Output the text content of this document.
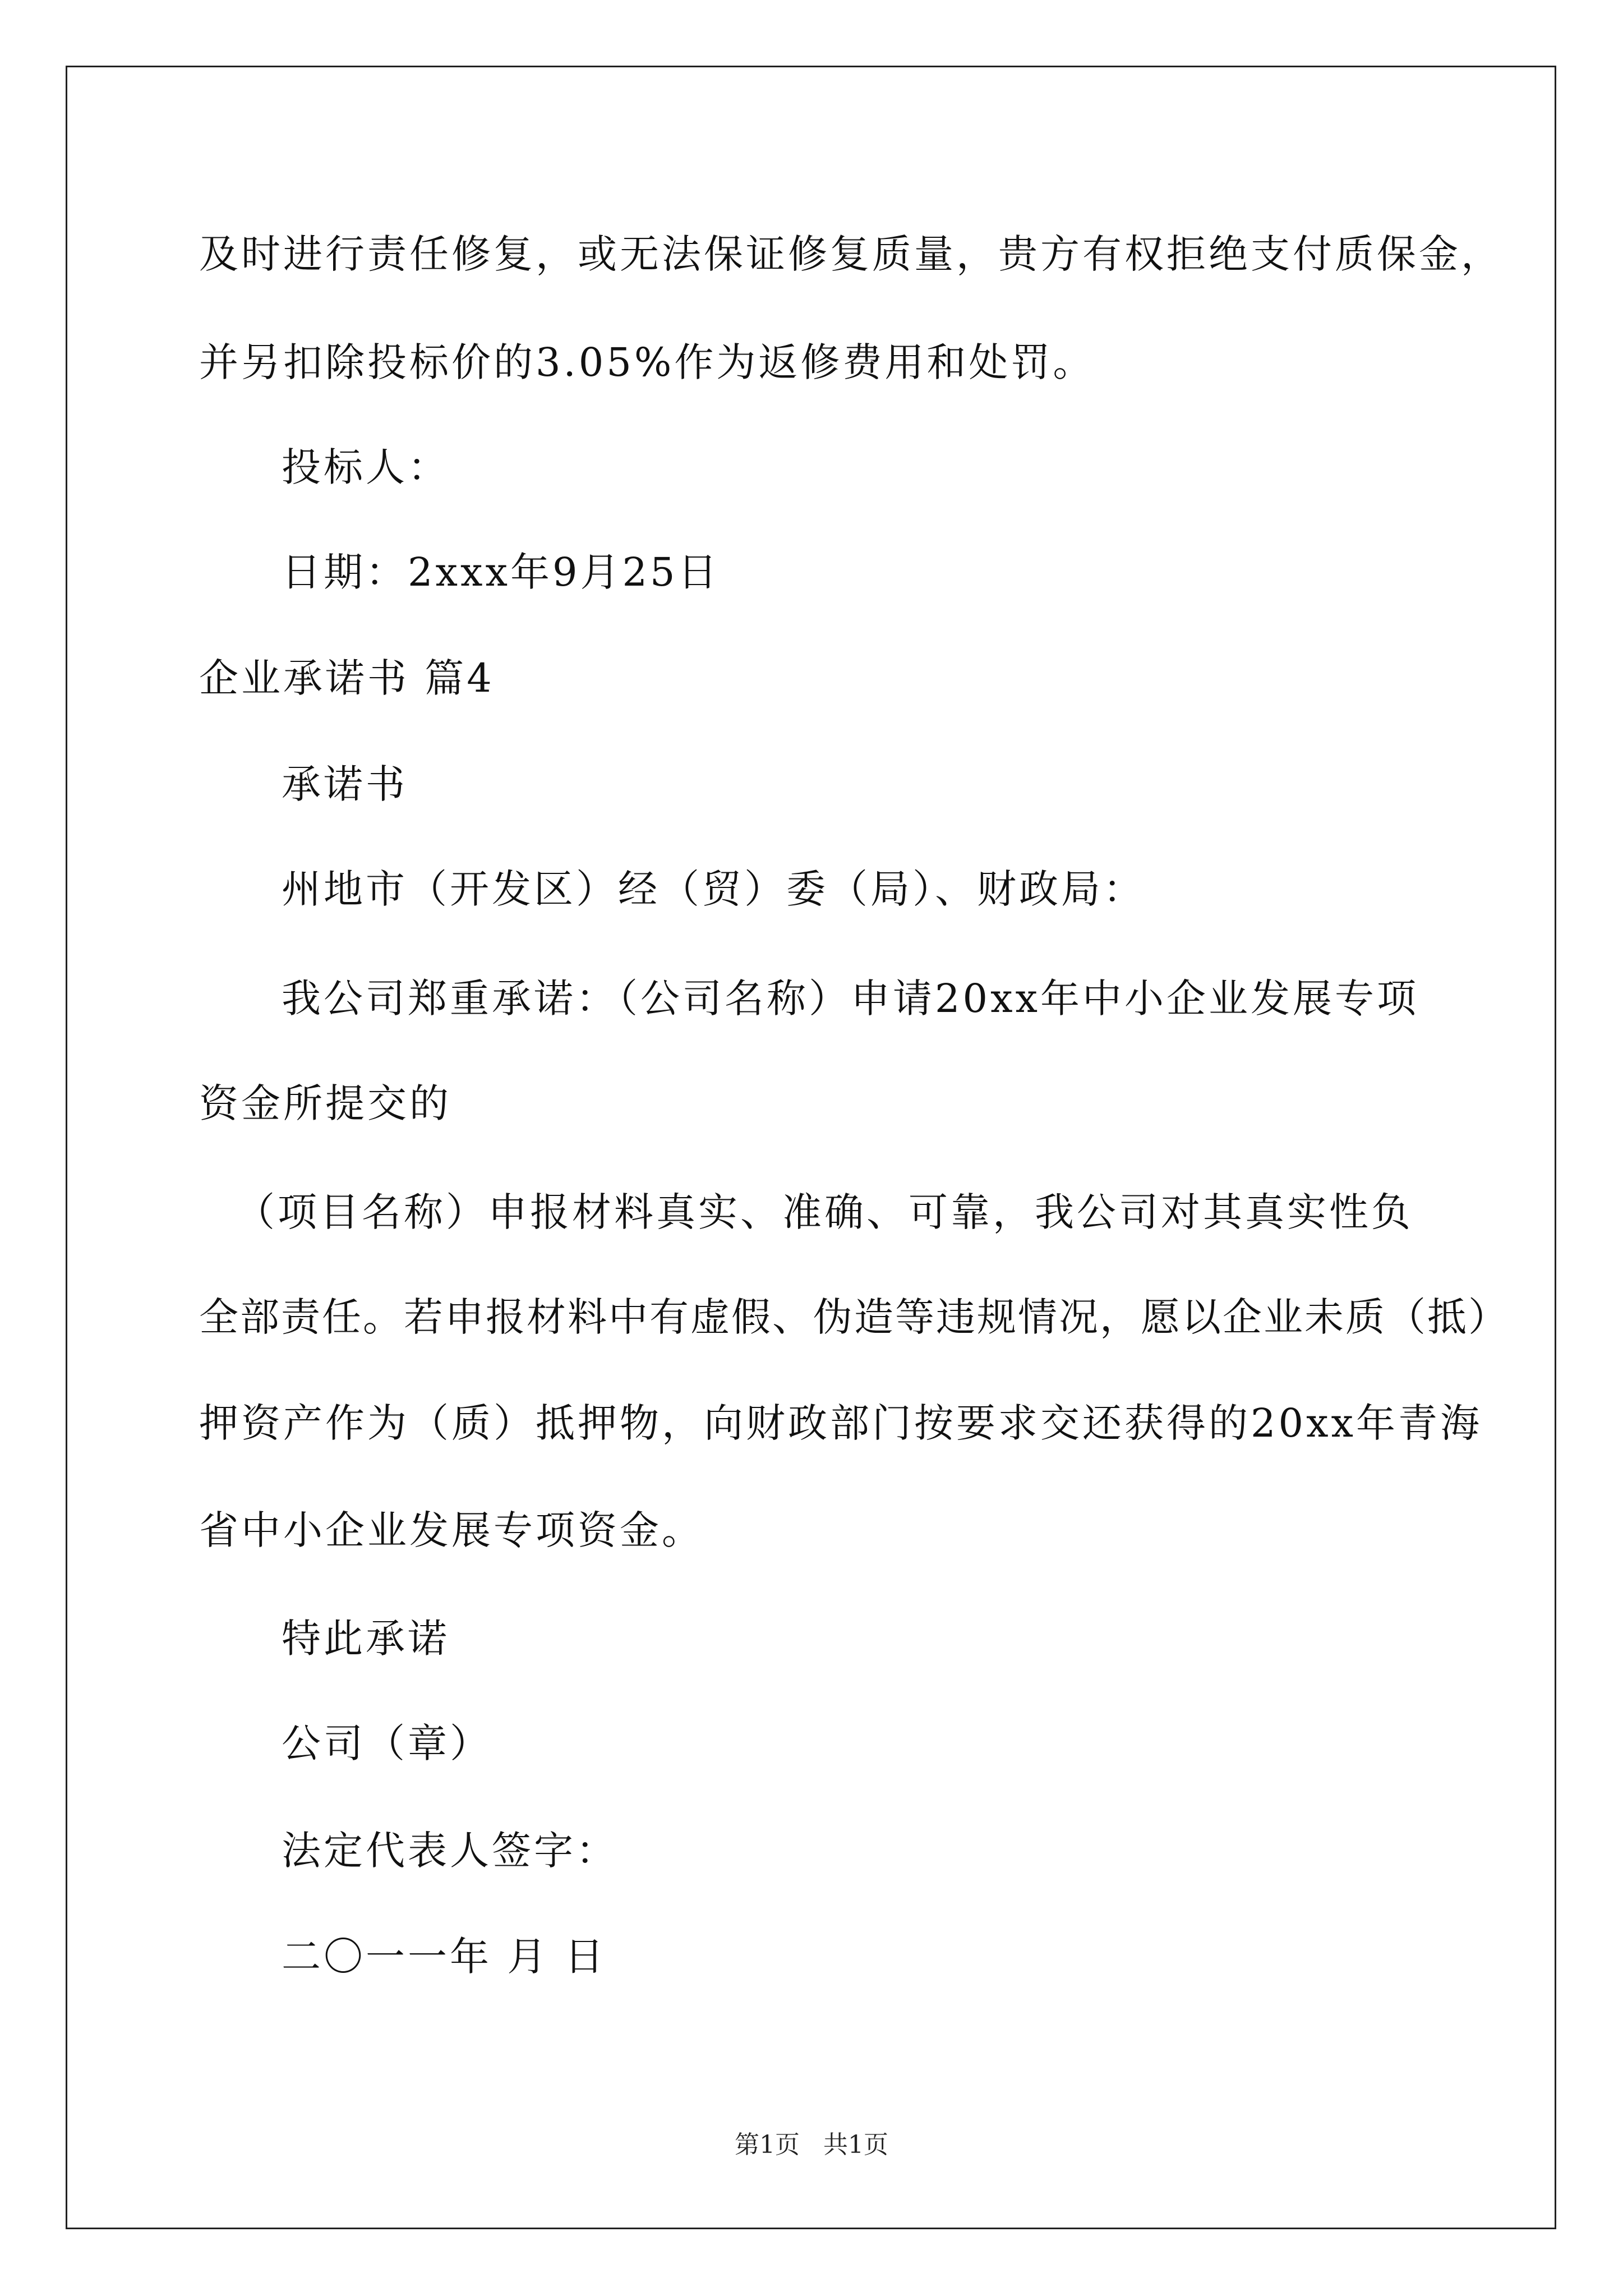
及时进行责任修复，或无法保证修复质量，贵方有权拒绝支付质保金，
并另扣除投标价的3.05%作为返修费用和处罚。
投标人：
日期：2xxx年9月25日
企业承诺书 篇4
承诺书
州地市（开发区）经（贸）委（局）、财政局：
我公司郑重承诺：（公司名称）申请20xx年中小企业发展专项
资金所提交的
（项目名称）申报材料真实、准确、可靠，我公司对其真实性负
全部责任。若申报材料中有虚假、伪造等违规情况，愿以企业未质（抵）
押资产作为（质）抵押物，向财政部门按要求交还获得的20xx年青海
省中小企业发展专项资金。
特此承诺
公司（章）
法定代表人签字：
二〇一一年 月 日
第1页   共1页
